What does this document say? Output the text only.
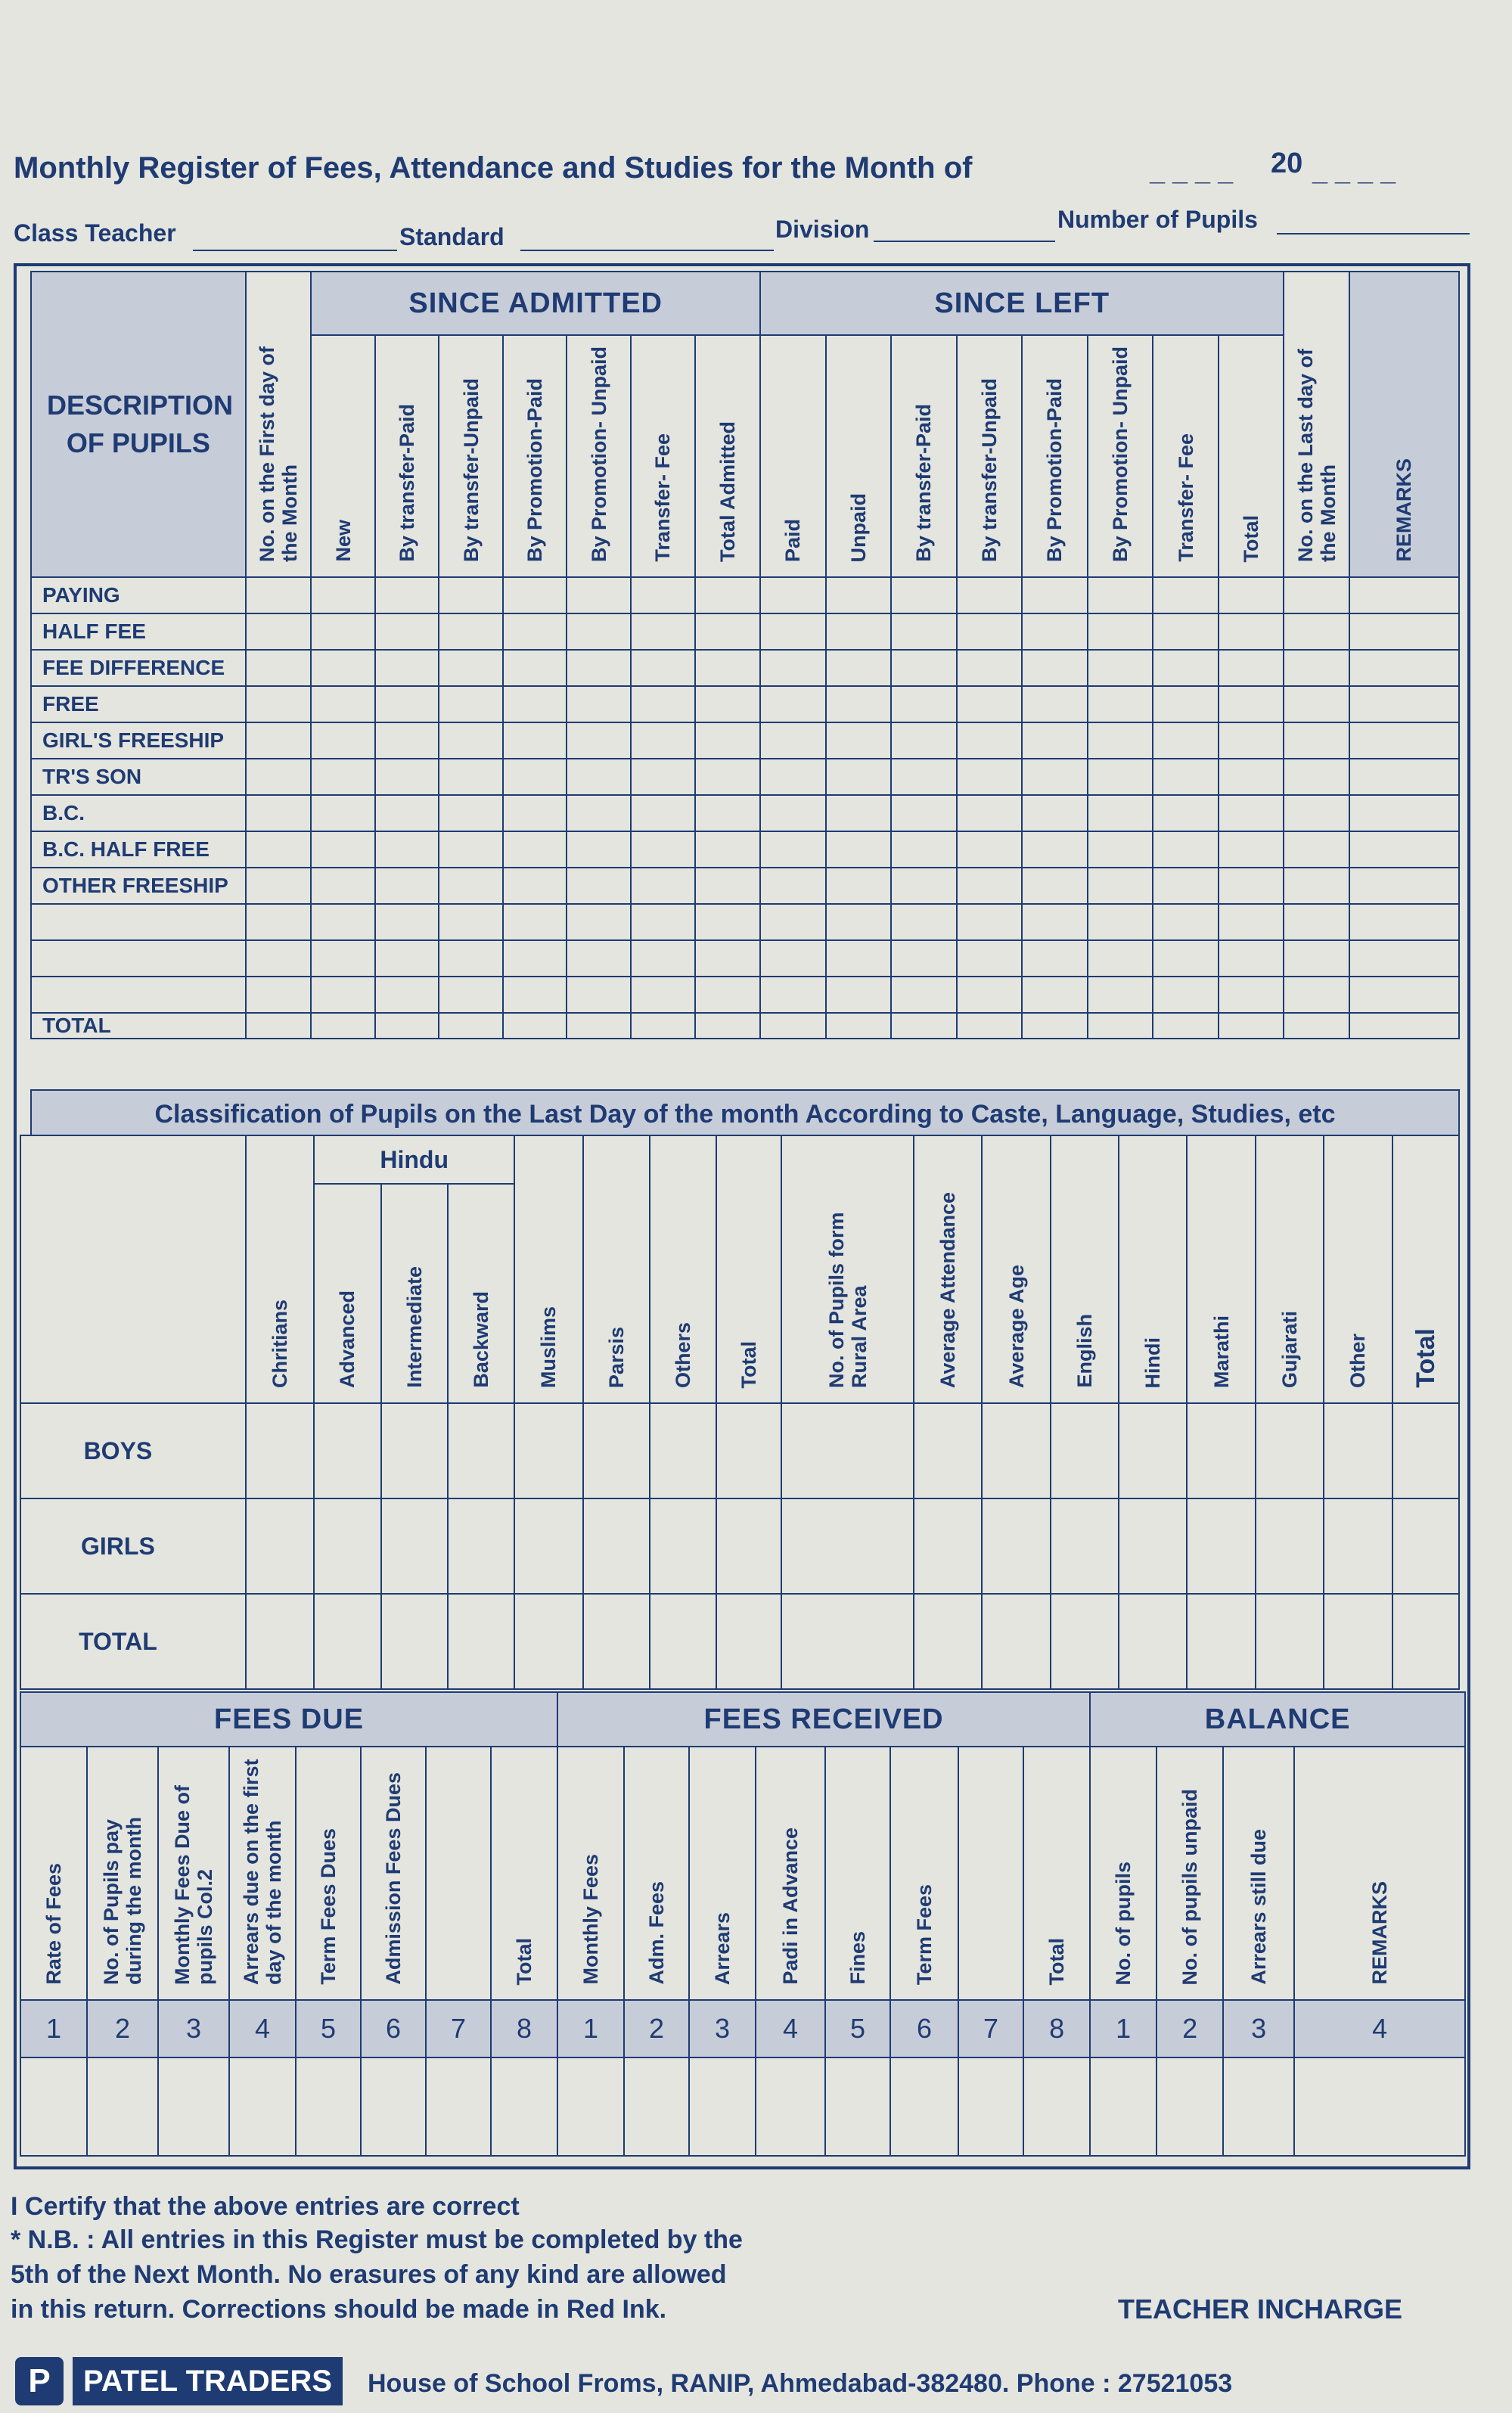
Monthly Register of Fees, Attendance and Studies for the Month of	_ _ _ _ 20 _ _ _ _
Class Teacher	Standard	Division	Number of Pupils
DESCRIPTION OF PUPILS	No. on the First day of the Month	SINCE ADMITTED							SINCE LEFT								No. on the Last day of the Month	REMARKS
		New	By transfer-Paid	By transfer-Unpaid	By Promotion-Paid	By Promotion- Unpaid	Transfer- Fee	Total Admitted	Paid	Unpaid	By transfer-Paid	By transfer-Unpaid	By Promotion-Paid	By Promotion- Unpaid	Transfer- Fee	Total		
PAYING																		
HALF FEE																		
FEE DIFFERENCE																		
FREE																		
GIRL'S FREESHIP																		
TR'S SON																		
B.C.																		
B.C. HALF FREE																		
OTHER FREESHIP																		

TOTAL																		
Classification of Pupils on the Last Day of the month According to Caste, Language, Studies, etc
	Chritians	Hindu			Muslims	Parsis	Others	Total	No. of Pupils form Rural Area	Average Attendance	Average Age	English	Hindi	Marathi	Gujarati	Other	Total
		Advanced	Intermediate	Backward													
BOYS																	
GIRLS																	
TOTAL																	
FEES DUE								FEES RECEIVED								BALANCE			
Rate of Fees	No. of Pupils pay during the month	Monthly Fees Due of pupils Col.2	Arrears due on the first day of the month	Term Fees Dues	Admission Fees Dues		Total	Monthly Fees	Adm. Fees	Arrears	Padi in Advance	Fines	Term Fees		Total	No. of pupils	No. of pupils unpaid	Arrears still due	REMARKS
1	2	3	4	5	6	7	8	1	2	3	4	5	6	7	8	1	2	3	4

I Certify that the above entries are correct
* N.B. : All entries in this Register must be completed by the
5th of the Next Month. No erasures of any kind are allowed
in this return. Corrections should be made in Red Ink.	TEACHER INCHARGE
P	PATEL TRADERS	House of School Froms, RANIP, Ahmedabad-382480. Phone : 27521053
